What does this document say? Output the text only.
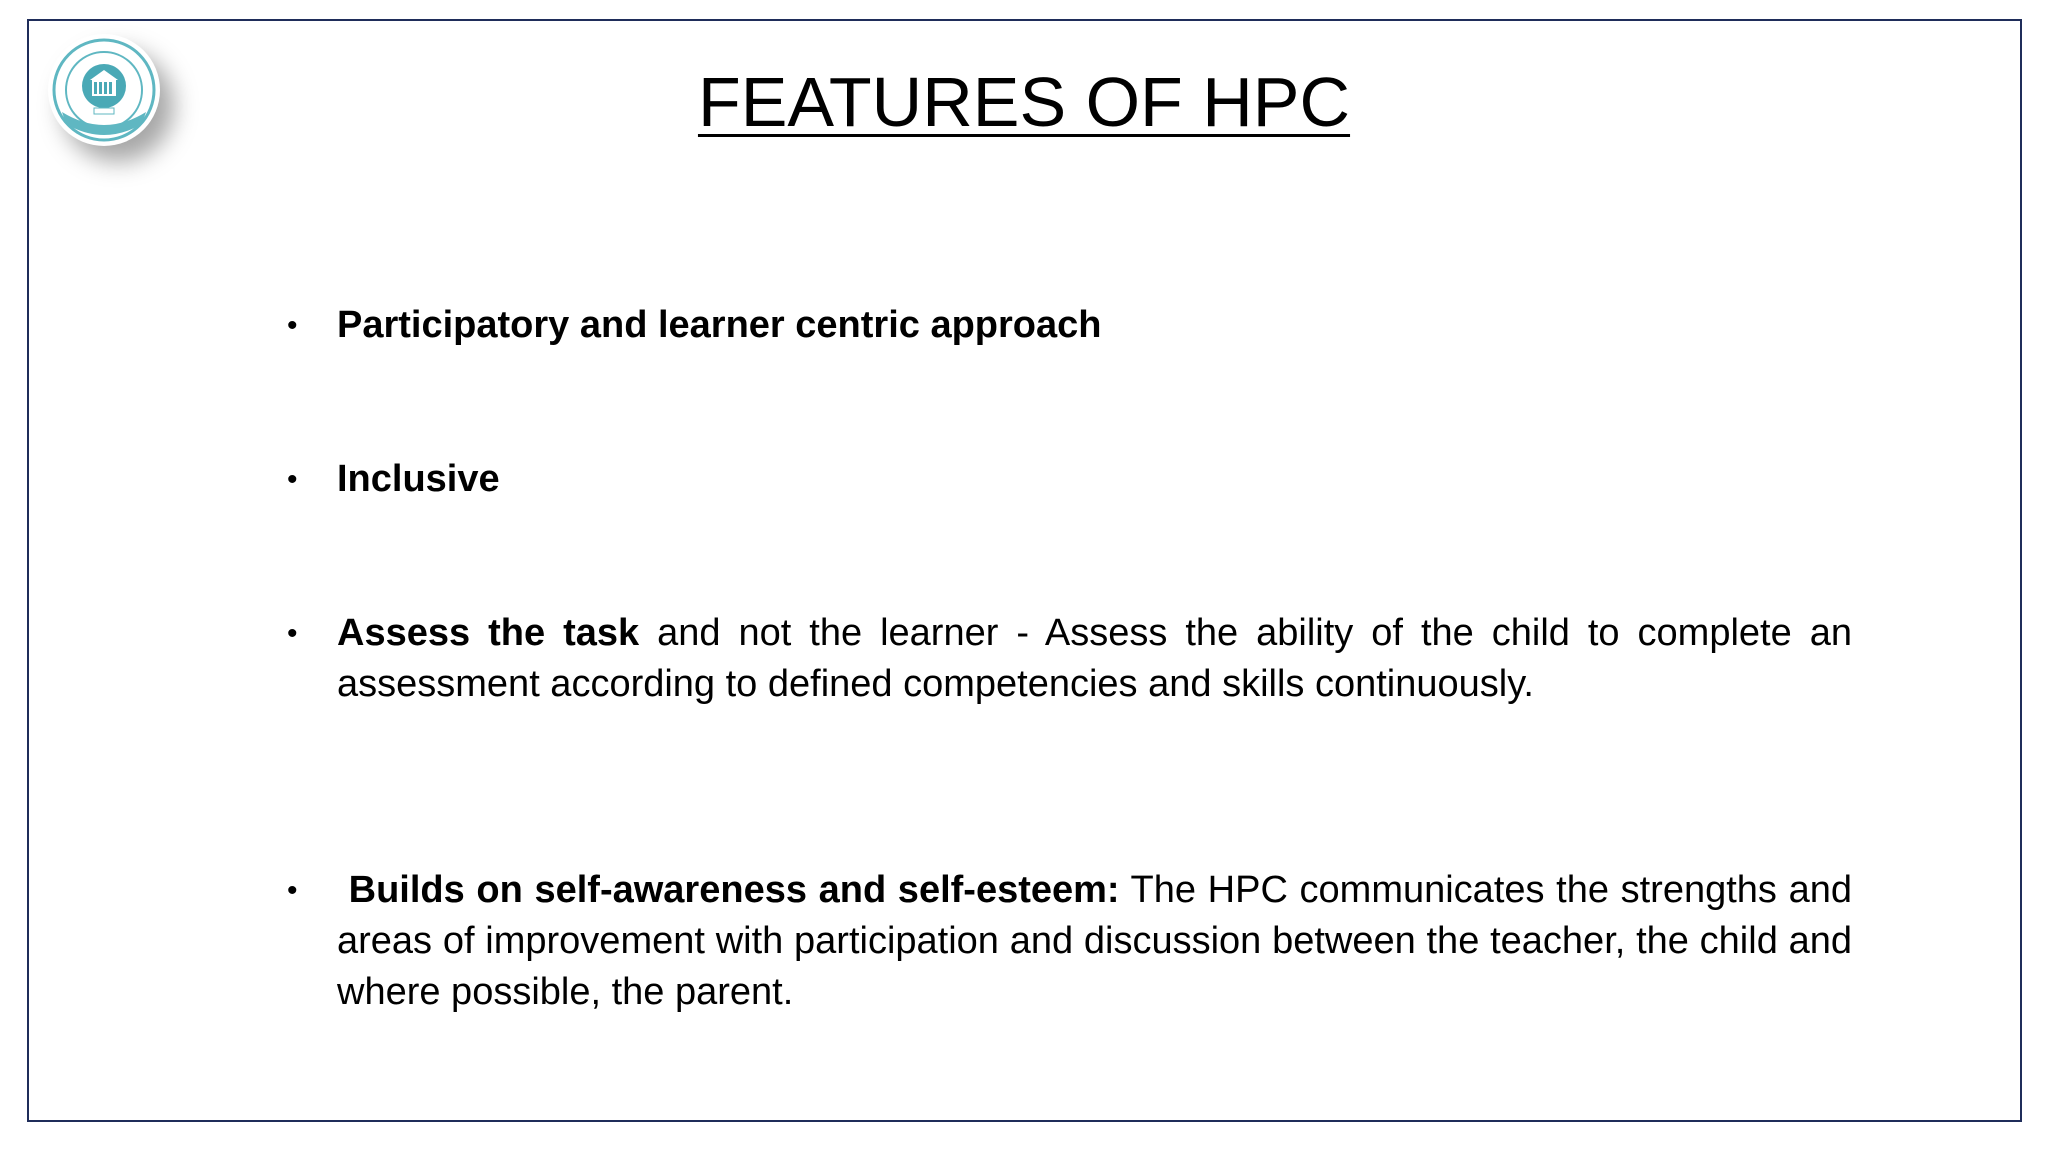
FEATURES OF HPC
• Participatory and learner centric approach
• Inclusive
• Assess the task and not the learner - Assess the ability of the child to complete an assessment according to defined competencies and skills continuously.
• Builds on self-awareness and self-esteem: The HPC communicates the strengths and areas of improvement with participation and discussion between the teacher, the child and where possible, the parent.
